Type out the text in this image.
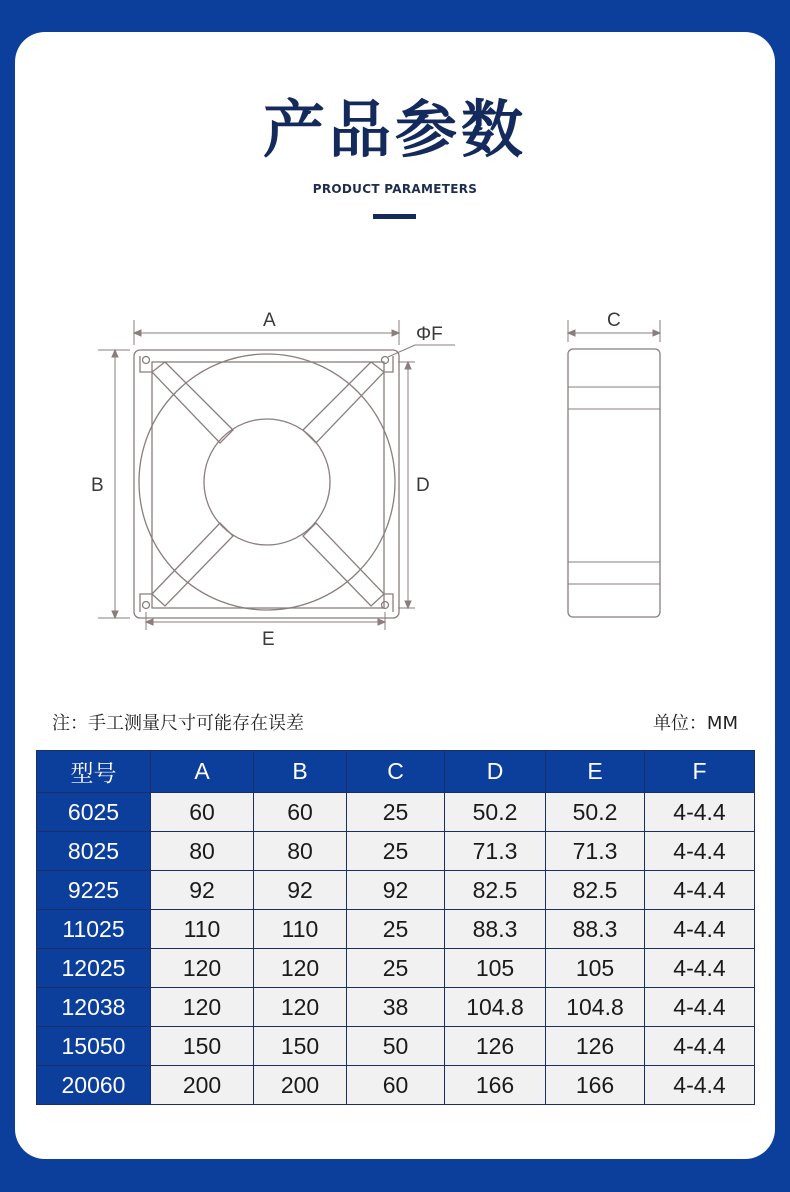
产品参数
PRODUCT PARAMETERS
A
B
C
D
E
ΦF
注：手工测量尺寸可能存在误差	单位：MM
型号	A	B	C	D	E	F
6025	60	60	25	50.2	50.2	4-4.4
8025	80	80	25	71.3	71.3	4-4.4
9225	92	92	92	82.5	82.5	4-4.4
11025	110	110	25	88.3	88.3	4-4.4
12025	120	120	25	105	105	4-4.4
12038	120	120	38	104.8	104.8	4-4.4
15050	150	150	50	126	126	4-4.4
20060	200	200	60	166	166	4-4.4
